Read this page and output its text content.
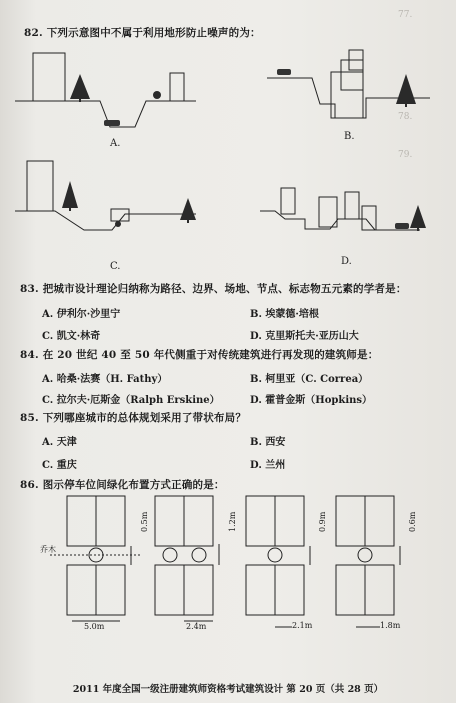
77.
78.
79.
82. 下列示意图中不属于利用地形防止噪声的为：
A.
B.
C.	D.
83. 把城市设计理论归纳称为路径、边界、场地、节点、标志物五元素的学者是：
A. 伊利尔·沙里宁	B. 埃蒙德·培根
C. 凯文·林奇	D. 克里斯托夫·亚历山大
84. 在 20 世纪 40 至 50 年代侧重于对传统建筑进行再发现的建筑师是：
A. 哈桑·法赛（H. Fathy）	B. 柯里亚（C. Correa）
C. 拉尔夫·厄斯金（Ralph Erskine）	D. 霍普金斯（Hopkins）
85. 下列哪座城市的总体规划采用了带状布局？
A. 天津	B. 西安
C. 重庆	D. 兰州
86. 图示停车位间绿化布置方式正确的是：
乔木
0.5m	1.2m	0.9m	0.6m
5.0m	2.4m	2.1m	1.8m
2011 年度全国一级注册建筑师资格考试建筑设计 第 20 页（共 28 页）
